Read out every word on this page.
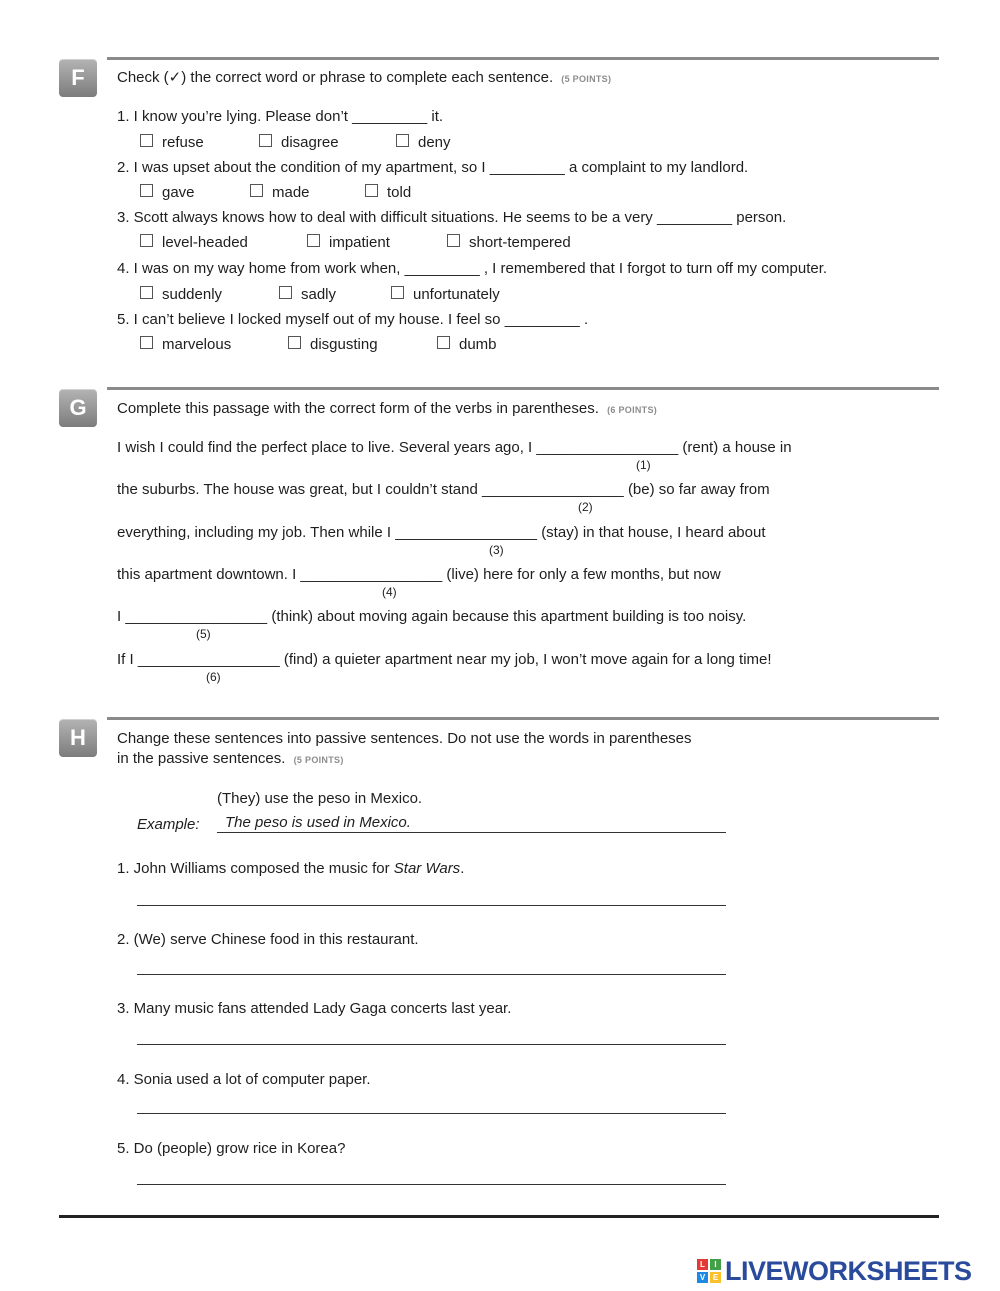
F	Check (✓) the correct word or phrase to complete each sentence. (5 POINTS)
1. I know you’re lying. Please don’t _________ it.
refuse	disagree	deny
2. I was upset about the condition of my apartment, so I _________ a complaint to my landlord.
gave	made	told
3. Scott always knows how to deal with difficult situations. He seems to be a very _________ person.
level-headed	impatient	short-tempered
4. I was on my way home from work when, _________ , I remembered that I forgot to turn off my computer.
suddenly	sadly	unfortunately
5. I can’t believe I locked myself out of my house. I feel so _________ .
marvelous	disgusting	dumb
G	Complete this passage with the correct form of the verbs in parentheses. (6 POINTS)
I wish I could find the perfect place to live. Several years ago, I _________________ (rent) a house in
(1)
the suburbs. The house was great, but I couldn’t stand _________________ (be) so far away from
(2)
everything, including my job. Then while I _________________ (stay) in that house, I heard about
(3)
this apartment downtown. I _________________ (live) here for only a few months, but now
(4)
I _________________ (think) about moving again because this apartment building is too noisy.
(5)
If I _________________ (find) a quieter apartment near my job, I won’t move again for a long time!
(6)
H	Change these sentences into passive sentences. Do not use the words in parentheses
in the passive sentences. (5 POINTS)
(They) use the peso in Mexico.
Example:	The peso is used in Mexico.
1. John Williams composed the music for Star Wars.
2. (We) serve Chinese food in this restaurant.
3. Many music fans attended Lady Gaga concerts last year.
4. Sonia used a lot of computer paper.
5. Do (people) grow rice in Korea?
L	I
V E LIVEWORKSHEETS
